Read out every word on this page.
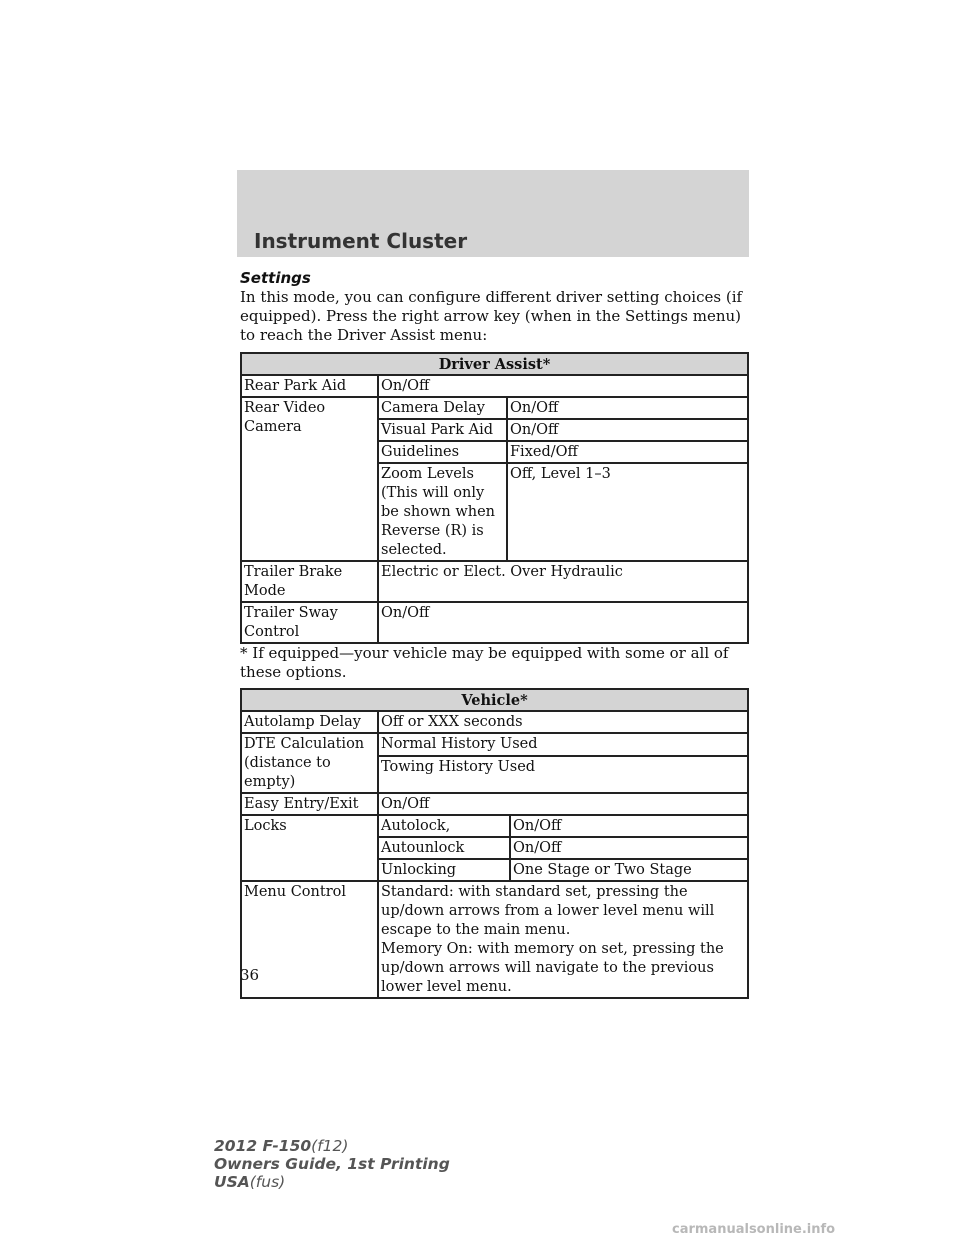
Instrument Cluster

Settings

In this mode, you can configure different driver setting choices (if equipped). Press the right arrow key (when in the Settings menu) to reach the Driver Assist menu:

Driver Assist*		
Rear Park Aid	On/Off	
Rear Video Camera	Camera Delay	On/Off
	Visual Park Aid	On/Off
	Guidelines	Fixed/Off
	Zoom Levels (This will only be shown when Reverse (R) is selected.	Off, Level 1–3
Trailer Brake Mode	Electric or Elect. Over Hydraulic	
Trailer Sway Control	On/Off	

* If equipped—your vehicle may be equipped with some or all of these options.

Vehicle*		
Autolamp Delay	Off or XXX seconds	
DTE Calculation (distance to empty)	Normal History Used	
	Towing History Used	
Easy Entry/Exit	On/Off	
Locks	Autolock,	On/Off
	Autounlock	On/Off
	Unlocking	One Stage or Two Stage
Menu Control	Standard: with standard set, pressing the up/down arrows from a lower level menu will escape to the main menu.
Memory On: with memory on set, pressing the up/down arrows will navigate to the previous lower level menu.	

36

2012 F-150(f12)
Owners Guide, 1st Printing
USA(fus)
carmanualsonline.info
